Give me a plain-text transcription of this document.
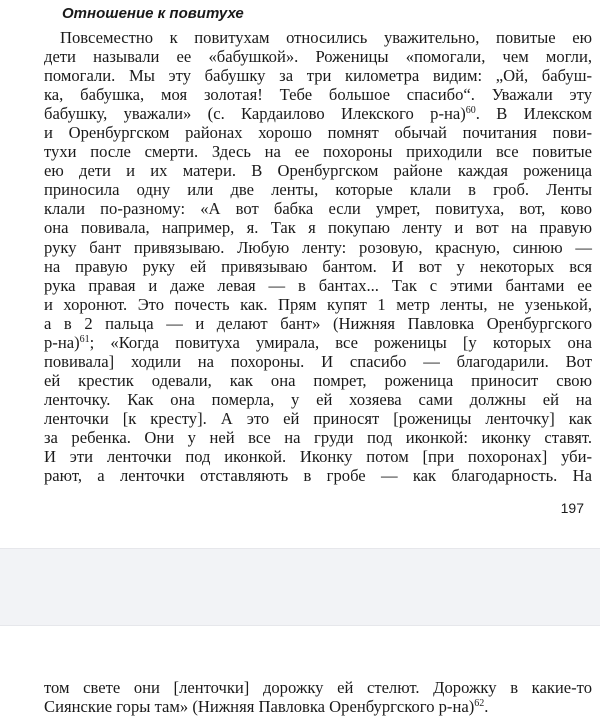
Отношение к повитухе
Повсеместно к повитухам относились уважительно, повитые ею
дети называли ее «бабушкой». Роженицы «помогали, чем могли,
помогали. Мы эту бабушку за три километра видим: „Ой, бабуш-
ка, бабушка, моя золотая! Тебе большое спасибо“. Уважали эту
бабушку, уважали» (с. Кардаилово Илекского р-на)$^{60}$. В Илекском
и Оренбургском районах хорошо помнят обычай почитания пови-
тухи после смерти. Здесь на ее похороны приходили все повитые
ею дети и их матери. В Оренбургском районе каждая роженица
приносила одну или две ленты, которые клали в гроб. Ленты
клали по-разному: «А вот бабка если умрет, повитуха, вот, ково
она повивала, например, я. Так я покупаю ленту и вот на правую
руку бант привязываю. Любую ленту: розовую, красную, синюю —
на правую руку ей привязываю бантом. И вот у некоторых вся
рука правая и даже левая — в бантах... Так с этими бантами ее
и хоронют. Это почесть как. Прям купят 1 метр ленты, не узенькой,
а в 2 пальца — и делают бант» (Нижняя Павловка Оренбургского
р-на)$^{61}$; «Когда повитуха умирала, все роженицы [у которых она
повивала] ходили на похороны. И спасибо — благодарили. Вот
ей крестик одевали, как она помрет, роженица приносит свою
ленточку. Как она померла, у ей хозяева сами должны ей на
ленточки [к кресту]. А это ей приносят [роженицы ленточку] как
за ребенка. Они у ней все на груди под иконкой: иконку ставят.
И эти ленточки под иконкой. Иконку потом [при похоронах] уби-
рают, а ленточки отставляють в гробе — как благодарность. На
197
том свете они [ленточки] дорожку ей стелют. Дорожку в какие-то
Сиянские горы там» (Нижняя Павловка Оренбургского р-на)$^{62}$.
